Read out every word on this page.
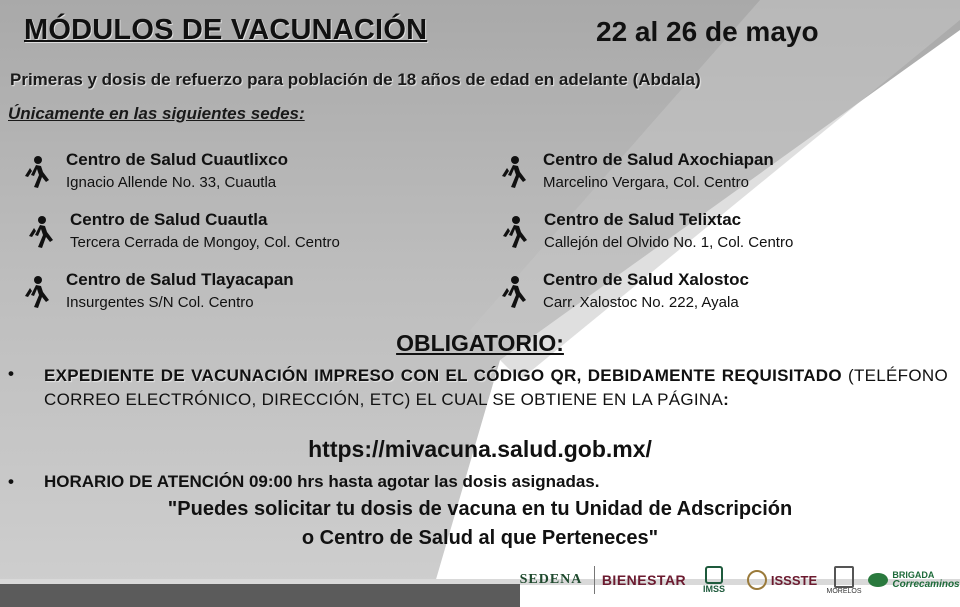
MÓDULOS DE VACUNACIÓN	22 al 26 de mayo
Primeras y dosis de refuerzo para población de 18 años de edad en adelante (Abdala)
Únicamente en las siguientes sedes:
Centro de Salud Cuautlixco
Ignacio Allende No. 33, Cuautla
Centro de Salud Axochiapan
Marcelino Vergara, Col. Centro
Centro de Salud Cuautla
Tercera Cerrada de Mongoy, Col. Centro
Centro de Salud Telixtac
Callejón del Olvido No. 1, Col. Centro
Centro de Salud Tlayacapan
Insurgentes S/N Col. Centro
Centro de Salud Xalostoc
Carr. Xalostoc No. 222, Ayala
OBLIGATORIO:
• EXPEDIENTE DE VACUNACIÓN IMPRESO CON EL CÓDIGO QR, DEBIDAMENTE REQUISITADO (TELÉFONO CORREO ELECTRÓNICO, DIRECCIÓN, ETC) EL CUAL SE OBTIENE EN LA PÁGINA:
https://mivacuna.salud.gob.mx/
• HORARIO DE ATENCIÓN 09:00 hrs hasta agotar las dosis asignadas.
"Puedes solicitar tu dosis de vacuna en tu Unidad de Adscripción
o Centro de Salud al que Perteneces"
SEDENA	BIENESTAR
IMSS
ISSSTE
MORELOS
BRIGADA
Correcaminos
